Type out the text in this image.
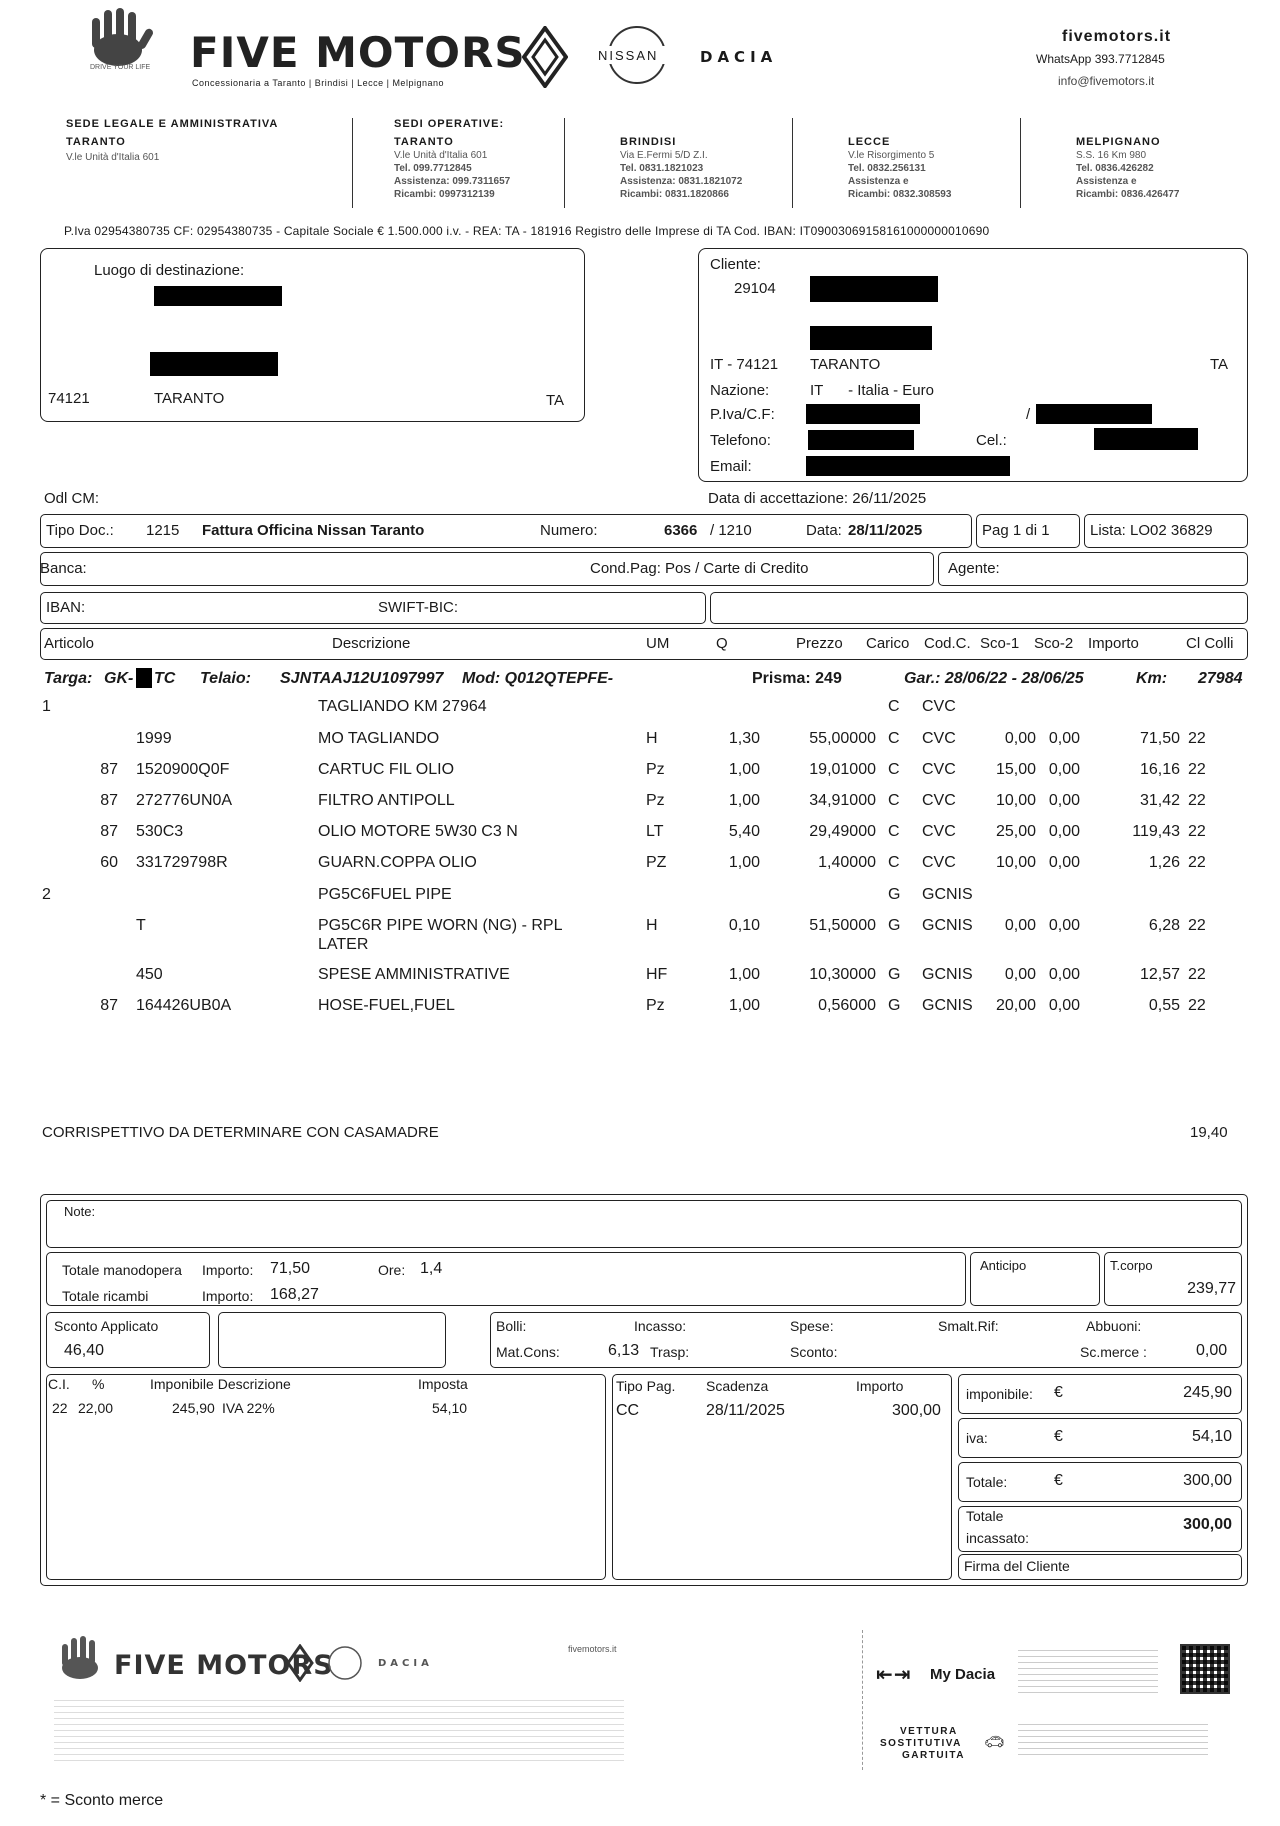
DRIVE YOUR LIFE FIVE MOTORS
Concessionaria a Taranto | Brindisi | Lecce | Melpignano
NISSAN	DACIA
fivemotors.it
WhatsApp 393.7712845
info@fivemotors.it
SEDE LEGALE E AMMINISTRATIVA
TARANTO
V.le Unità d'Italia 601
SEDI OPERATIVE:
TARANTO
V.le Unità d'Italia 601
Tel. 099.7712845
Assistenza: 099.7311657
Ricambi: 0997312139
BRINDISI
Via E.Fermi 5/D Z.I.
Tel. 0831.1821023
Assistenza: 0831.1821072
Ricambi: 0831.1820866
LECCE
V.le Risorgimento 5
Tel. 0832.256131
Assistenza e
Ricambi: 0832.308593
MELPIGNANO
S.S. 16 Km 980
Tel. 0836.426282
Assistenza e
Ricambi: 0836.426477
P.Iva 02954380735 CF: 02954380735 - Capitale Sociale € 1.500.000 i.v. - REA: TA - 181916 Registro delle Imprese di TA Cod. IBAN: IT09003069158161000000010690
Luogo di destinazione:
74121	TARANTO	TA
Cliente:
29104
IT - 74121 TARANTO	TA
Nazione:	IT      - Italia - Euro
P.Iva/C.F:	/
Telefono:	Cel.:
Email:
Odl CM:	Data di accettazione: 26/11/2025
Tipo Doc.: 1215 Fattura Officina Nissan Taranto	Numero:	6366 / 1210	Data: 28/11/2025	Pag 1 di 1	Lista: LO02 36829
Banca:	Cond.Pag: Pos / Carte di Credito	Agente:
IBAN:	SWIFT-BIC:
Articolo	Descrizione	UM	Q	Prezzo Carico Cod.C. Sco-1 Sco-2 Importo	Cl Colli
Targa: GK- TC Telaio: SJNTAAJ12U1097997 Mod: Q012QTEPFE-	Prisma: 249	Gar.: 28/06/22 - 28/06/25	Km: 27984
1	TAGLIANDO KM 27964	C	CVC
1999	MO TAGLIANDO	H	1,30	55,00000 C	CVC	0,00 0,00	71,50 22
87 1520900Q0F	CARTUC FIL OLIO	Pz	1,00	19,01000 C	CVC	15,00 0,00	16,16 22
87 272776UN0A	FILTRO ANTIPOLL	Pz	1,00	34,91000 C	CVC	10,00 0,00	31,42 22
87 530C3	OLIO MOTORE 5W30 C3 N	LT	5,40	29,49000 C	CVC	25,00 0,00	119,43 22
60 331729798R	GUARN.COPPA OLIO	PZ	1,00	1,40000 C	CVC	10,00 0,00	1,26 22
2	PG5C6FUEL PIPE	G	GCNIS
T	PG5C6R PIPE WORN (NG) - RPL	H	0,10	51,50000 G	GCNIS	0,00 0,00	6,28 22
LATER
450	SPESE AMMINISTRATIVE	HF	1,00	10,30000 G	GCNIS	0,00 0,00	12,57 22
87 164426UB0A	HOSE-FUEL,FUEL	Pz	1,00	0,56000 G	GCNIS	20,00 0,00	0,55 22
CORRISPETTIVO DA DETERMINARE CON CASAMADRE	19,40
Note:
Totale manodopera Importo: 71,50	Ore: 1,4
Totale ricambi	Importo: 168,27
Anticipo	T.corpo
239,77
Sconto Applicato
46,40
Bolli:	Incasso:	Spese:	Smalt.Rif:	Abbuoni:
Mat.Cons:	6,13 Trasp:	Sconto:	Sc.merce :	0,00
C.I. %	Imponibile Descrizione	Imposta
22 22,00	245,90 IVA 22%	54,10
Tipo Pag. Scadenza	Importo
CC	28/11/2025	300,00
imponibile: €	245,90
iva:	€	54,10
Totale:	€	300,00
Totale
incassato:
300,00
Firma del Cliente
FIVE MOTORS	DACIA
fivemotors.it
⇤⇥ My Dacia
VETTURA
SOSTITUTIVA
GARTUITA
🚗︎
* = Sconto merce
